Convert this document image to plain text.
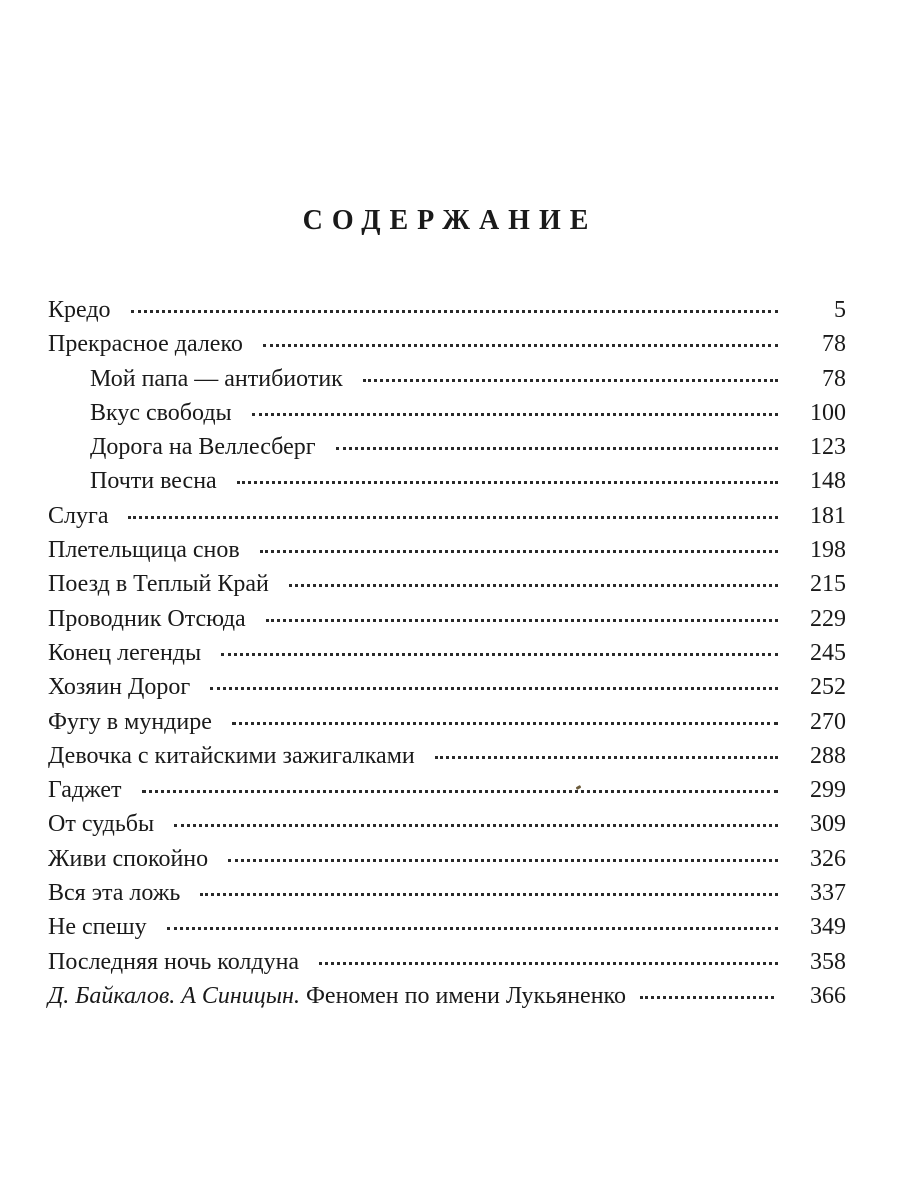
СОДЕРЖАНИЕ
Кредо	5
Прекрасное далеко	78
Мой папа — антибиотик	78
Вкус свободы	100
Дорога на Веллесберг	123
Почти весна	148
Слуга	181
Плетельщица снов	198
Поезд в Теплый Край	215
Проводник Отсюда	229
Конец легенды	245
Хозяин Дорог	252
Фугу в мундире	270
Девочка с китайскими зажигалками	288
Гаджет	299
От судьбы	309
Живи спокойно	326
Вся эта ложь	337
Не спешу	349
Последняя ночь колдуна	358
Д. Байкалов. А Синицын. Феномен по имени Лукьяненко	366
